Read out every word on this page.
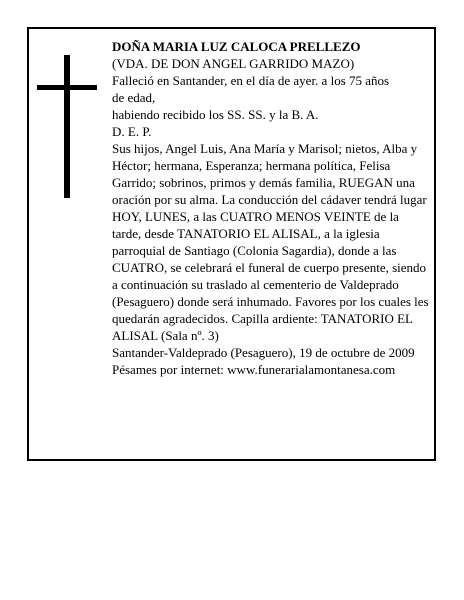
DOÑA MARIA LUZ CALOCA PRELLEZO

(VDA. DE DON ANGEL GARRIDO MAZO)

Falleció en Santander, en el día de ayer. a los 75 años

de edad,

habiendo recibido los SS. SS. y la B. A.

D. E. P.

Sus hijos, Angel Luis, Ana María y Marisol; nietos, Alba y Héctor; hermana, Esperanza; hermana política, Felisa Garrido; sobrinos, primos y demás familia, RUEGAN una oración por su alma. La conducción del cádaver tendrá lugar HOY, LUNES, a las CUATRO MENOS VEINTE de la tarde, desde TANATORIO EL ALISAL, a la iglesia parroquial de Santiago (Colonia Sagardia), donde a las CUATRO, se celebrará el funeral de cuerpo presente, siendo a continuación su traslado al cementerio de Valdeprado (Pesaguero) donde será inhumado. Favores por los cuales les quedarán agradecidos. Capilla ardiente: TANATORIO EL ALISAL (Sala nº. 3)

Santander-Valdeprado (Pesaguero), 19 de octubre de 2009

Pésames por internet: www.funerarialamontanesa.com
